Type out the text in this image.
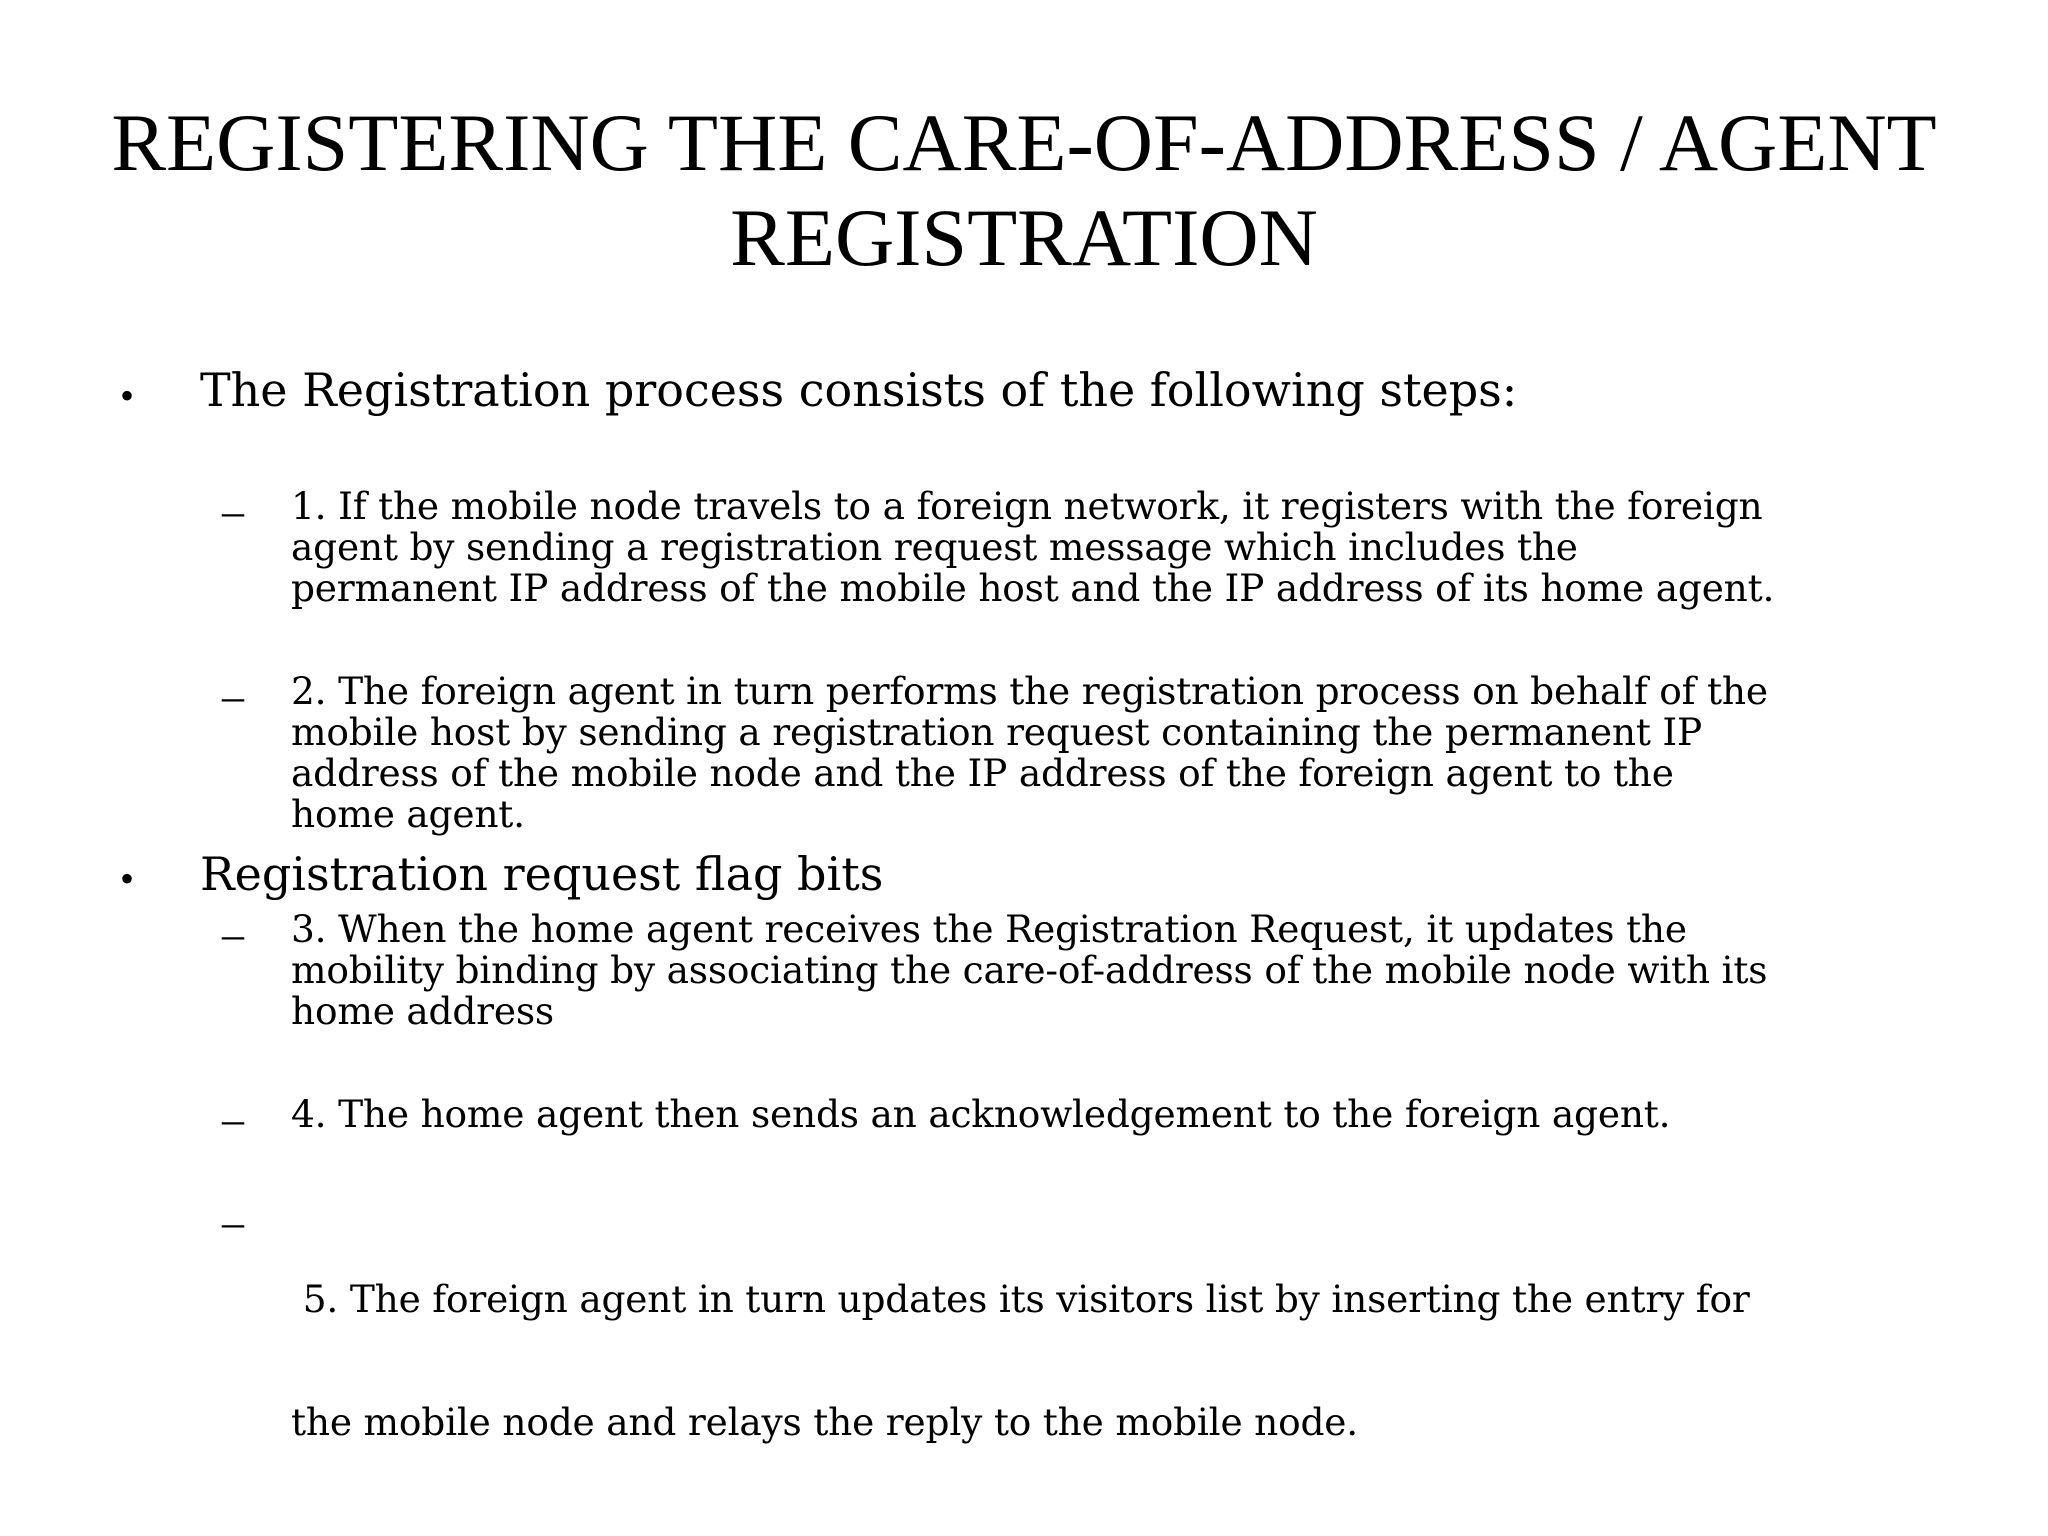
REGISTERING THE CARE-OF-ADDRESS / AGENT REGISTRATION
• The Registration process consists of the following steps:
– 1. If the mobile node travels to a foreign network, it registers with the foreign
agent by sending a registration request message which includes the
permanent IP address of the mobile host and the IP address of its home agent.
– 2. The foreign agent in turn performs the registration process on behalf of the
mobile host by sending a registration request containing the permanent IP
address of the mobile node and the IP address of the foreign agent to the
home agent.
• Registration request flag bits
– 3. When the home agent receives the Registration Request, it updates the
mobility binding by associating the care-of-address of the mobile node with its
home address
– 4. The home agent then sends an acknowledgement to the foreign agent.
–

5. The foreign agent in turn updates its visitors list by inserting the entry for

the mobile node and relays the reply to the mobile node.
